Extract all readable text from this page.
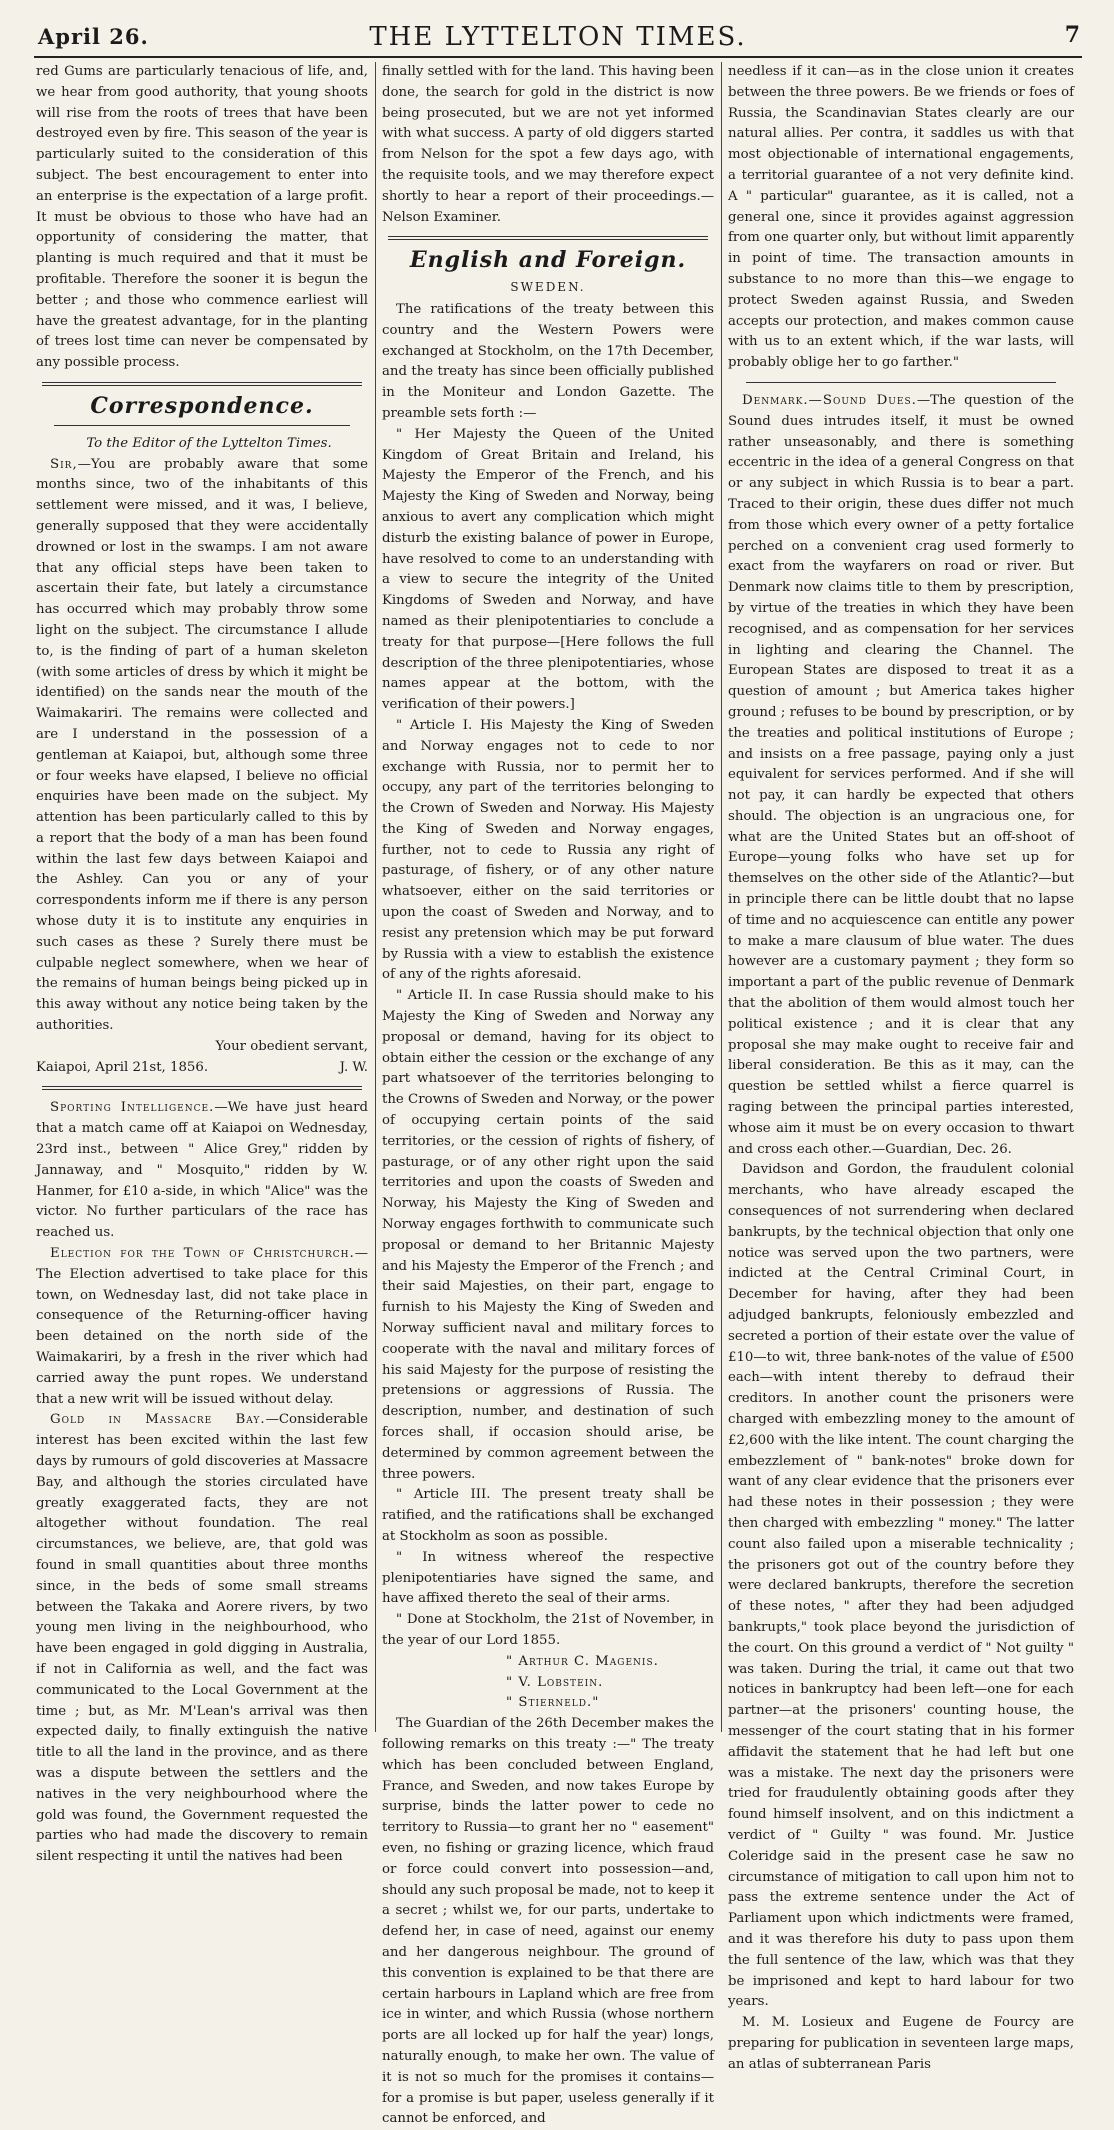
April 26.	THE LYTTELTON TIMES.	7

red Gums are particularly tenacious of life, and, we hear from good authority, that young shoots will rise from the roots of trees that have been destroyed even by fire. This season of the year is particularly suited to the consideration of this subject. The best encouragement to enter into an enterprise is the expectation of a large profit. It must be obvious to those who have had an opportunity of considering the matter, that planting is much required and that it must be profitable. Therefore the sooner it is begun the better ; and those who commence earliest will have the greatest advantage, for in the planting of trees lost time can never be compensated by any possible process.

Correspondence.

To the Editor of the Lyttelton Times.

Sir,—You are probably aware that some months since, two of the inhabitants of this settlement were missed, and it was, I believe, generally supposed that they were accidentally drowned or lost in the swamps. I am not aware that any official steps have been taken to ascertain their fate, but lately a circumstance has occurred which may probably throw some light on the subject. The circumstance I allude to, is the finding of part of a human skeleton (with some articles of dress by which it might be identified) on the sands near the mouth of the Waimakariri. The remains were collected and are I understand in the possession of a gentleman at Kaiapoi, but, although some three or four weeks have elapsed, I believe no official enquiries have been made on the subject. My attention has been particularly called to this by a report that the body of a man has been found within the last few days between Kaiapoi and the Ashley. Can you or any of your correspondents inform me if there is any person whose duty it is to institute any enquiries in such cases as these ? Surely there must be culpable neglect somewhere, when we hear of the remains of human beings being picked up in this away without any notice being taken by the authorities.

Your obedient servant,

Kaiapoi, April 21st, 1856.	J. W.

Sporting Intelligence.—We have just heard that a match came off at Kaiapoi on Wednesday, 23rd inst., between " Alice Grey," ridden by Jannaway, and " Mosquito," ridden by W. Hanmer, for £10 a-side, in which "Alice" was the victor. No further particulars of the race has reached us.

Election for the Town of Christchurch.—The Election advertised to take place for this town, on Wednesday last, did not take place in consequence of the Returning-officer having been detained on the north side of the Waimakariri, by a fresh in the river which had carried away the punt ropes. We understand that a new writ will be issued without delay.

Gold in Massacre Bay.—Considerable interest has been excited within the last few days by rumours of gold discoveries at Massacre Bay, and although the stories circulated have greatly exaggerated facts, they are not altogether without foundation. The real circumstances, we believe, are, that gold was found in small quantities about three months since, in the beds of some small streams between the Takaka and Aorere rivers, by two young men living in the neighbourhood, who have been engaged in gold digging in Australia, if not in California as well, and the fact was communicated to the Local Government at the time ; but, as Mr. M'Lean's arrival was then expected daily, to finally extinguish the native title to all the land in the province, and as there was a dispute between the settlers and the natives in the very neighbourhood where the gold was found, the Government requested the parties who had made the discovery to remain silent respecting it until the natives had been

finally settled with for the land. This having been done, the search for gold in the district is now being prosecuted, but we are not yet informed with what success. A party of old diggers started from Nelson for the spot a few days ago, with the requisite tools, and we may therefore expect shortly to hear a report of their proceedings.—Nelson Examiner.

English and Foreign.
SWEDEN.

The ratifications of the treaty between this country and the Western Powers were exchanged at Stockholm, on the 17th December, and the treaty has since been officially published in the Moniteur and London Gazette. The preamble sets forth :—

" Her Majesty the Queen of the United Kingdom of Great Britain and Ireland, his Majesty the Emperor of the French, and his Majesty the King of Sweden and Norway, being anxious to avert any complication which might disturb the existing balance of power in Europe, have resolved to come to an understanding with a view to secure the integrity of the United Kingdoms of Sweden and Norway, and have named as their plenipotentiaries to conclude a treaty for that purpose—[Here follows the full description of the three plenipotentiaries, whose names appear at the bottom, with the verification of their powers.]

" Article I. His Majesty the King of Sweden and Norway engages not to cede to nor exchange with Russia, nor to permit her to occupy, any part of the territories belonging to the Crown of Sweden and Norway. His Majesty the King of Sweden and Norway engages, further, not to cede to Russia any right of pasturage, of fishery, or of any other nature whatsoever, either on the said territories or upon the coast of Sweden and Norway, and to resist any pretension which may be put forward by Russia with a view to establish the existence of any of the rights aforesaid.

" Article II. In case Russia should make to his Majesty the King of Sweden and Norway any proposal or demand, having for its object to obtain either the cession or the exchange of any part whatsoever of the territories belonging to the Crowns of Sweden and Norway, or the power of occupying certain points of the said territories, or the cession of rights of fishery, of pasturage, or of any other right upon the said territories and upon the coasts of Sweden and Norway, his Majesty the King of Sweden and Norway engages forthwith to communicate such proposal or demand to her Britannic Majesty and his Majesty the Emperor of the French ; and their said Majesties, on their part, engage to furnish to his Majesty the King of Sweden and Norway sufficient naval and military forces to cooperate with the naval and military forces of his said Majesty for the purpose of resisting the pretensions or aggressions of Russia. The description, number, and destination of such forces shall, if occasion should arise, be determined by common agreement between the three powers.

" Article III. The present treaty shall be ratified, and the ratifications shall be exchanged at Stockholm as soon as possible.

" In witness whereof the respective plenipotentiaries have signed the same, and have affixed thereto the seal of their arms.

" Done at Stockholm, the 21st of November, in the year of our Lord 1855.

" Arthur C. Magenis.

" V. Lobstein.

" Stierneld."

The Guardian of the 26th December makes the following remarks on this treaty :—" The treaty which has been concluded between England, France, and Sweden, and now takes Europe by surprise, binds the latter power to cede no territory to Russia—to grant her no " easement" even, no fishing or grazing licence, which fraud or force could convert into possession—and, should any such proposal be made, not to keep it a secret ; whilst we, for our parts, undertake to defend her, in case of need, against our enemy and her dangerous neighbour. The ground of this convention is explained to be that there are certain harbours in Lapland which are free from ice in winter, and which Russia (whose northern ports are all locked up for half the year) longs, naturally enough, to make her own. The value of it is not so much for the promises it contains—for a promise is but paper, useless generally if it cannot be enforced, and

needless if it can—as in the close union it creates between the three powers. Be we friends or foes of Russia, the Scandinavian States clearly are our natural allies. Per contra, it saddles us with that most objectionable of international engagements, a territorial guarantee of a not very definite kind. A " particular" guarantee, as it is called, not a general one, since it provides against aggression from one quarter only, but without limit apparently in point of time. The transaction amounts in substance to no more than this—we engage to protect Sweden against Russia, and Sweden accepts our protection, and makes common cause with us to an extent which, if the war lasts, will probably oblige her to go farther."

Denmark.—Sound Dues.—The question of the Sound dues intrudes itself, it must be owned rather unseasonably, and there is something eccentric in the idea of a general Congress on that or any subject in which Russia is to bear a part. Traced to their origin, these dues differ not much from those which every owner of a petty fortalice perched on a convenient crag used formerly to exact from the wayfarers on road or river. But Denmark now claims title to them by prescription, by virtue of the treaties in which they have been recognised, and as compensation for her services in lighting and clearing the Channel. The European States are disposed to treat it as a question of amount ; but America takes higher ground ; refuses to be bound by prescription, or by the treaties and political institutions of Europe ; and insists on a free passage, paying only a just equivalent for services performed. And if she will not pay, it can hardly be expected that others should. The objection is an ungracious one, for what are the United States but an off-shoot of Europe—young folks who have set up for themselves on the other side of the Atlantic?—but in principle there can be little doubt that no lapse of time and no acquiescence can entitle any power to make a mare clausum of blue water. The dues however are a customary payment ; they form so important a part of the public revenue of Denmark that the abolition of them would almost touch her political existence ; and it is clear that any proposal she may make ought to receive fair and liberal consideration. Be this as it may, can the question be settled whilst a fierce quarrel is raging between the principal parties interested, whose aim it must be on every occasion to thwart and cross each other.—Guardian, Dec. 26.

Davidson and Gordon, the fraudulent colonial merchants, who have already escaped the consequences of not surrendering when declared bankrupts, by the technical objection that only one notice was served upon the two partners, were indicted at the Central Criminal Court, in December for having, after they had been adjudged bankrupts, feloniously embezzled and secreted a portion of their estate over the value of £10—to wit, three bank-notes of the value of £500 each—with intent thereby to defraud their creditors. In another count the prisoners were charged with embezzling money to the amount of £2,600 with the like intent. The count charging the embezzlement of " bank-notes" broke down for want of any clear evidence that the prisoners ever had these notes in their possession ; they were then charged with embezzling " money." The latter count also failed upon a miserable technicality ; the prisoners got out of the country before they were declared bankrupts, therefore the secretion of these notes, " after they had been adjudged bankrupts," took place beyond the jurisdiction of the court. On this ground a verdict of " Not guilty " was taken. During the trial, it came out that two notices in bankruptcy had been left—one for each partner—at the prisoners' counting house, the messenger of the court stating that in his former affidavit the statement that he had left but one was a mistake. The next day the prisoners were tried for fraudulently obtaining goods after they found himself insolvent, and on this indictment a verdict of " Guilty " was found. Mr. Justice Coleridge said in the present case he saw no circumstance of mitigation to call upon him not to pass the extreme sentence under the Act of Parliament upon which indictments were framed, and it was therefore his duty to pass upon them the full sentence of the law, which was that they be imprisoned and kept to hard labour for two years.

M. M. Losieux and Eugene de Fourcy are preparing for publication in seventeen large maps, an atlas of subterranean Paris
